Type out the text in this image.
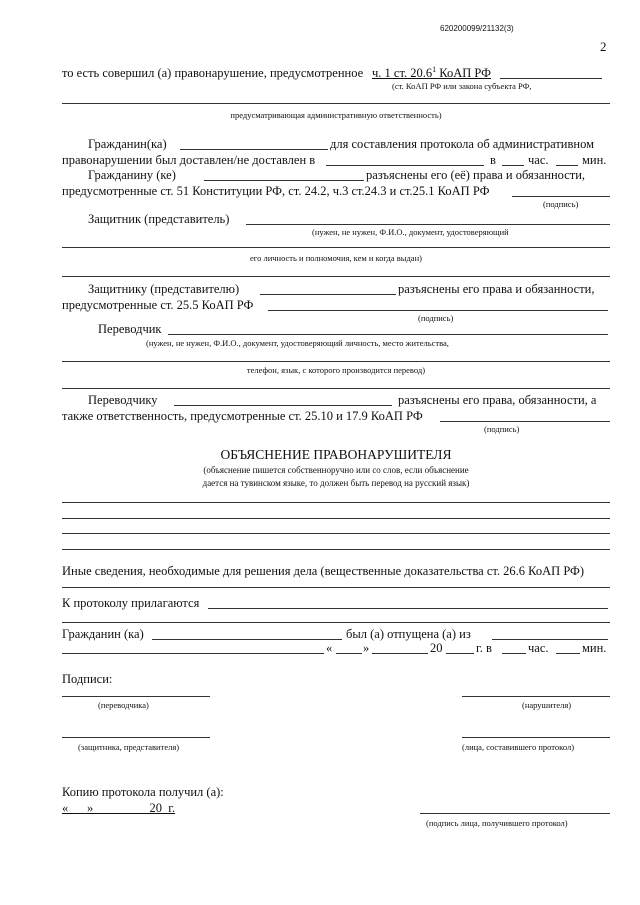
620200099/21132(3)
2
то есть совершил (а) правонарушение, предусмотренное ч. 1 ст. 20.6$^1$ КоАП РФ
(ст. КоАП РФ или закона субъекта РФ,
предусматривающая административную ответственность)
Гражданин(ка)	для составления протокола об административном
правонарушении был доставлен/не доставлен в	в	час.	мин.
Гражданину (ке)	разъяснены его (её) права и обязанности,
предусмотренные ст. 51 Конституции РФ, ст. 24.2, ч.3 ст.24.3 и ст.25.1 КоАП РФ
(подпись)
Защитник (представитель)
(нужен, не нужен, Ф.И.О., документ, удостоверяющий
его личность и полномочия, кем и когда выдан)
Защитнику (представителю)	разъяснены его права и обязанности,
предусмотренные ст. 25.5 КоАП РФ
(подпись)
Переводчик
(нужен, не нужен, Ф.И.О., документ, удостоверяющий личность, место жительства,
телефон, язык, с которого производится перевод)
Переводчику	разъяснены его права, обязанности, а
также ответственность, предусмотренные ст. 25.10 и 17.9 КоАП РФ
(подпись)
ОБЪЯСНЕНИЕ ПРАВОНАРУШИТЕЛЯ
(объяснение пишется собственноручно или со слов, если объяснение
дается на тувинском языке, то должен быть перевод на русский язык)
Иные сведения, необходимые для решения дела (вещественные доказательства ст. 26.6 КоАП РФ)
К протоколу прилагаются
Гражданин (ка)	был (а) отпущена (а) из
« »	20	г. в	час.	мин.
Подписи:
(переводчика)	(нарушителя)
(защитника, представителя)	(лица, составившего протокол)
Копию протокола получил (а):
«      »                  20  г.
(подпись лица, получившего протокол)
